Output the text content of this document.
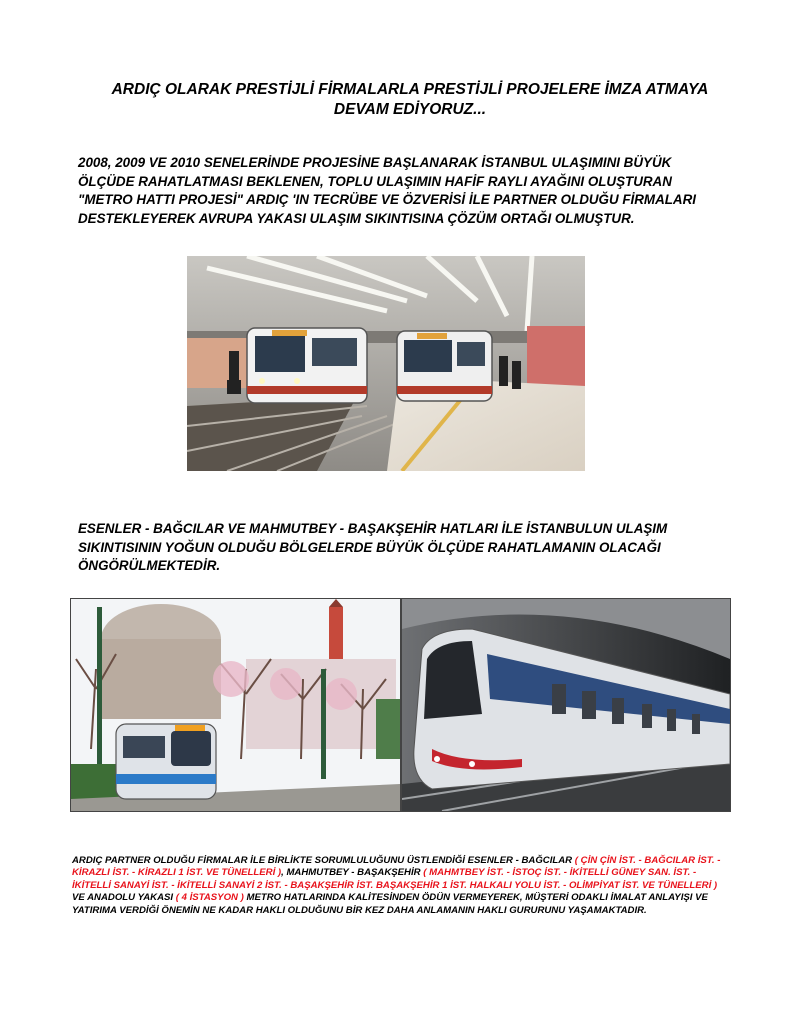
ARDIÇ OLARAK PRESTİJLİ FİRMALARLA PRESTİJLİ PROJELERE İMZA ATMAYA
DEVAM EDİYORUZ...
2008, 2009 VE 2010 SENELERİNDE PROJESİNE BAŞLANARAK İSTANBUL ULAŞIMINI BÜYÜK ÖLÇÜDE RAHATLATMASI BEKLENEN, TOPLU ULAŞIMIN HAFİF RAYLI AYAĞINI OLUŞTURAN "METRO HATTI PROJESİ" ARDIÇ 'IN TECRÜBE VE ÖZVERİSİ İLE PARTNER OLDUĞU FİRMALARI DESTEKLEYEREK AVRUPA YAKASI ULAŞIM SIKINTISINA ÇÖZÜM ORTAĞI OLMUŞTUR.
ESENLER - BAĞCILAR VE MAHMUTBEY - BAŞAKŞEHİR HATLARI İLE İSTANBULUN ULAŞIM SIKINTISININ YOĞUN OLDUĞU BÖLGELERDE BÜYÜK ÖLÇÜDE RAHATLAMANIN OLACAĞI ÖNGÖRÜLMEKTEDİR.
ARDIÇ PARTNER OLDUĞU FİRMALAR İLE BİRLİKTE SORUMLULUĞUNU ÜSTLENDİĞİ ESENLER - BAĞCILAR ( ÇİN ÇİN İST. - BAĞCILAR İST. - KİRAZLI İST. - KİRAZLI 1 İST. VE TÜNELLERİ ), MAHMUTBEY - BAŞAKŞEHİR ( MAHMTBEY İST. - İSTOÇ İST. - İKİTELLİ GÜNEY SAN. İST. - İKİTELLİ SANAYİ İST. - İKİTELLİ SANAYİ 2 İST. - BAŞAKŞEHİR İST. BAŞAKŞEHİR 1 İST. HALKALI YOLU İST. - OLİMPİYAT İST. VE TÜNELLERİ ) VE ANADOLU YAKASI ( 4 İSTASYON ) METRO HATLARINDA KALİTESİNDEN ÖDÜN VERMEYEREK, MÜŞTERİ ODAKLI İMALAT ANLAYIŞI VE YATIRIMA VERDİĞİ ÖNEMİN NE KADAR HAKLI OLDUĞUNU BİR KEZ DAHA ANLAMANIN HAKLI GURURUNU YAŞAMAKTADIR.
